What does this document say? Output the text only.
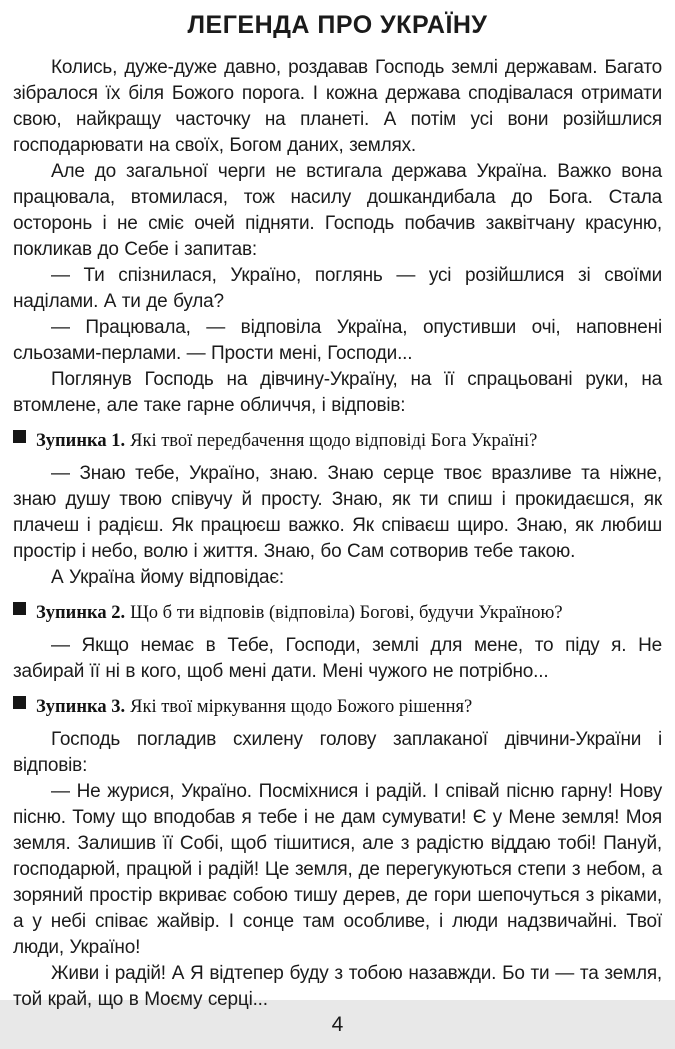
ЛЕГЕНДА ПРО УКРАЇНУ

Колись, дуже-дуже давно, роздавав Господь землі державам. Багато зібралося їх біля Божого порога. І кожна держава сподівалася отримати свою, найкращу часточку на планеті. А потім усі вони розійшлися господарювати на своїх, Богом даних, землях.

Але до загальної черги не встигала держава Україна. Важко вона працювала, втомилася, тож насилу дошкандибала до Бога. Стала осторонь і не сміє очей підняти. Господь побачив заквітчану красуню, покликав до Себе і запитав:

— Ти спізнилася, Україно, поглянь — усі розійшлися зі своїми наділами. А ти де була?

— Працювала, — відповіла Україна, опустивши очі, наповнені сльозами-перлами. — Прости мені, Господи...

Поглянув Господь на дівчину-Україну, на її спрацьовані руки, на втомлене, але таке гарне обличчя, і відповів:

Зупинка 1. Які твої передбачення щодо відповіді Бога Україні?

— Знаю тебе, Україно, знаю. Знаю серце твоє вразливе та ніжне, знаю душу твою співучу й просту. Знаю, як ти спиш і прокидаєшся, як плачеш і радієш. Як працюєш важко. Як співаєш щиро. Знаю, як любиш простір і небо, волю і життя. Знаю, бо Сам сотворив тебе такою.

А Україна йому відповідає:

Зупинка 2. Що б ти відповів (відповіла) Богові, будучи Україною?

— Якщо немає в Тебе, Господи, землі для мене, то піду я. Не забирай її ні в кого, щоб мені дати. Мені чужого не потрібно...

Зупинка 3. Які твої міркування щодо Божого рішення?

Господь погладив схилену голову заплаканої дівчини-України і відповів:

— Не журися, Україно. Посміхнися і радій. І співай пісню гарну! Нову пісню. Тому що вподобав я тебе і не дам сумувати! Є у Мене земля! Моя земля. Залишив її Собі, щоб тішитися, але з радістю віддаю тобі! Пануй, господарюй, працюй і радій! Це земля, де перегукуються степи з небом, а зоряний простір вкриває собою тишу дерев, де гори шепочуться з ріками, а у небі співає жайвір. І сонце там особливе, і люди надзвичайні. Твої люди, Україно!

Живи і радій! А Я відтепер буду з тобою назавжди. Бо ти — та земля, той край, що в Моєму серці...

4
